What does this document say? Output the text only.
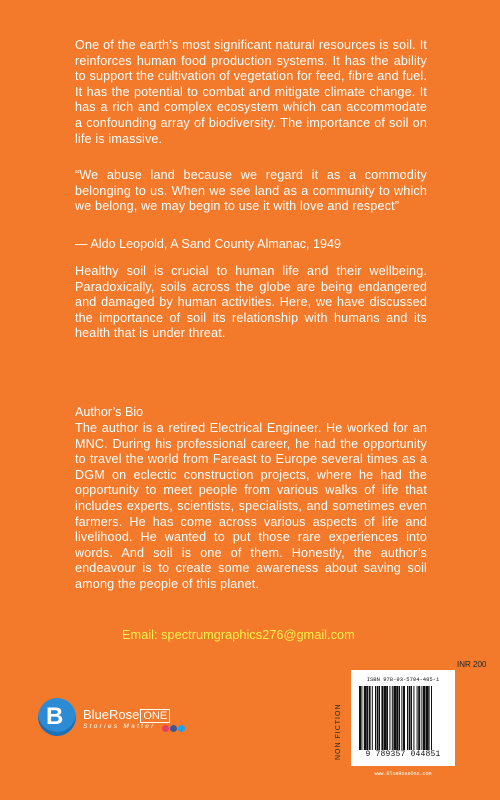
One of the earth’s most significant natural resources is soil. It reinforces human food production systems. It has the ability to support the cultivation of vegetation for feed, fibre and fuel. It has the potential to combat and mitigate climate change. It has a rich and complex ecosystem which can accommodate a confounding array of biodiversity. The importance of soil on life is imassive.
“We abuse land because we regard it as a commodity belonging to us. When we see land as a community to which we belong, we may begin to use it with love and respect”
— Aldo Leopold, A Sand County Almanac, 1949
Healthy soil is crucial to human life and their wellbeing. Paradoxically, soils across the globe are being endangered and damaged by human activities. Here, we have discussed the importance of soil its relationship with humans and its health that is under threat.
Author’s Bio
The author is a retired Electrical Engineer. He worked for an MNC. During his professional career, he had the opportunity to travel the world from Fareast to Europe several times as a DGM on eclectic construction projects, where he had the opportunity to meet people from various walks of life that includes experts, scientists, specialists, and sometimes even farmers. He has come across various aspects of life and livelihood. He wanted to put those rare experiences into words. And soil is one of them. Honestly, the author’s endeavour is to create some awareness about saving soil among the people of this planet.
Email: spectrumgraphics276@gmail.com
INR 200
B BlueRose ONE
Stories Matter	NON FICTION
ISBN 978-93-5704-485-1
9 789357 044851
www.BlueRoseOne.com
